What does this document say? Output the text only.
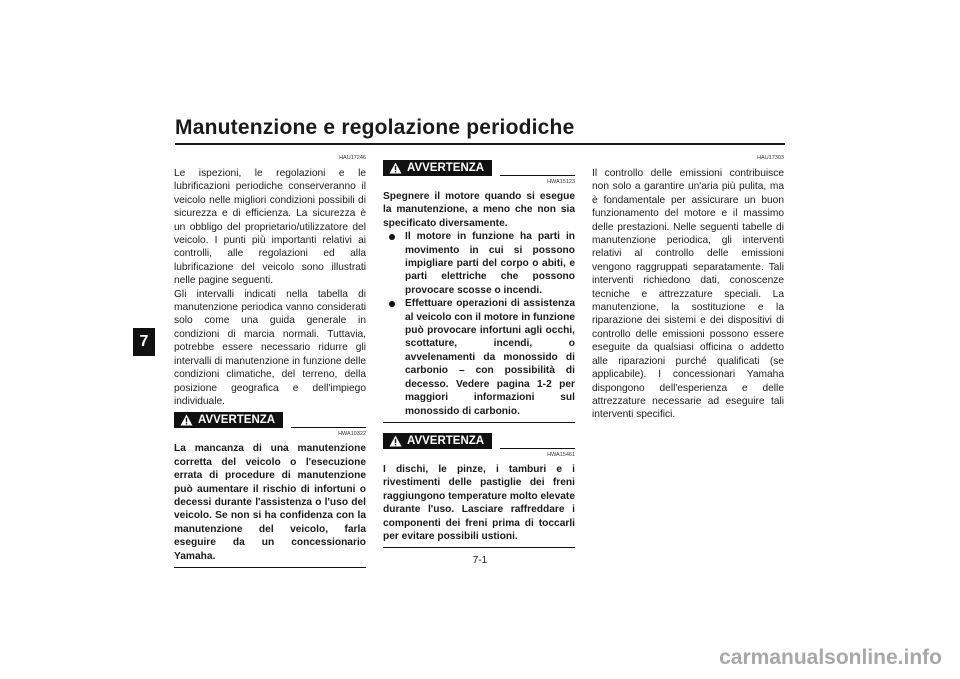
Manutenzione e regolazione periodiche
7
HAU17246

Le ispezioni, le regolazioni e le lubrificazioni periodiche conserveranno il veicolo nelle migliori condizioni possibili di sicurezza e di efficienza. La sicurezza è un obbligo del proprietario/utilizzatore del veicolo. I punti più importanti relativi ai controlli, alle regolazioni ed alla lubrificazione del veicolo sono illustrati nelle pagine seguenti.

Gli intervalli indicati nella tabella di manutenzione periodica vanno considerati solo come una guida generale in condizioni di marcia normali. Tuttavia, potrebbe essere necessario ridurre gli intervalli di manutenzione in funzione delle condizioni climatiche, del terreno, della posizione geografica e dell'impiego individuale.

AVVERTENZA
HWA10322

La mancanza di una manutenzione corretta del veicolo o l'esecuzione errata di procedure di manutenzione può aumentare il rischio di infortuni o decessi durante l'assistenza o l'uso del veicolo. Se non si ha confidenza con la manutenzione del veicolo, farla eseguire da un concessionario Yamaha.

AVVERTENZA
HWA15123

Spegnere il motore quando si esegue la manutenzione, a meno che non sia specificato diversamente.

Il motore in funzione ha parti in movimento in cui si possono impigliare parti del corpo o abiti, e parti elettriche che possono provocare scosse o incendi.
Effettuare operazioni di assistenza al veicolo con il motore in funzione può provocare infortuni agli occhi, scottature, incendi, o avvelenamenti da monossido di carbonio – con possibilità di decesso. Vedere pagina 1-2 per maggiori informazioni sul monossido di carbonio.
AVVERTENZA
HWA15461

I dischi, le pinze, i tamburi e i rivestimenti delle pastiglie dei freni raggiungono temperature molto elevate durante l'uso. Lasciare raffreddare i componenti dei freni prima di toccarli per evitare possibili ustioni.

HAU17303

Il controllo delle emissioni contribuisce non solo a garantire un'aria più pulita, ma è fondamentale per assicurare un buon funzionamento del motore e il massimo delle prestazioni. Nelle seguenti tabelle di manutenzione periodica, gli interventi relativi al controllo delle emissioni vengono raggruppati separatamente. Tali interventi richiedono dati, conoscenze tecniche e attrezzature speciali. La manutenzione, la sostituzione e la riparazione dei sistemi e dei dispositivi di controllo delle emissioni possono essere eseguite da qualsiasi officina o addetto alle riparazioni purché qualificati (se applicabile). I concessionari Yamaha dispongono dell'esperienza e delle attrezzature necessarie ad eseguire tali interventi specifici.

7-1
carmanualsonline.info
